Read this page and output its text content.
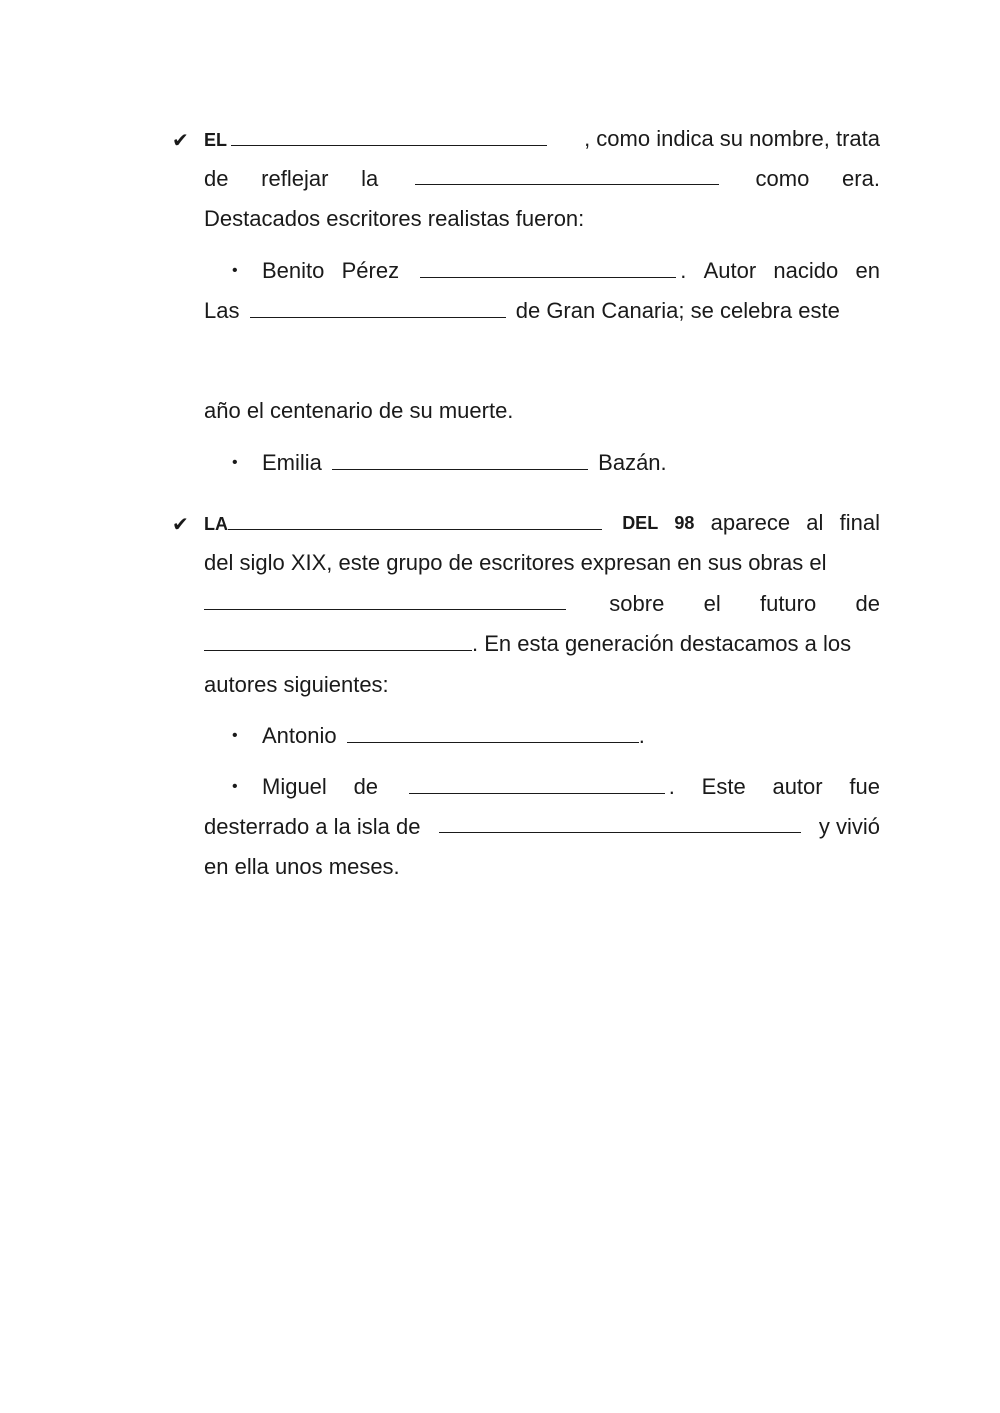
✔ EL	, como indica su nombre, trata
de reflejar la	como era.
Destacados escritores realistas fueron:
• Benito Pérez	. Autor nacido en
Las	de Gran Canaria; se celebra este
año el centenario de su muerte.
• Emilia	Bazán.
✔ LA	DEL 98 aparece al final
del siglo XIX, este grupo de escritores expresan en sus obras el
sobre el futuro de
. En esta generación destacamos a los
autores siguientes:
• Antonio	.
• Miguel de	. Este autor fue
desterrado a la isla de	y vivió
en ella unos meses.
